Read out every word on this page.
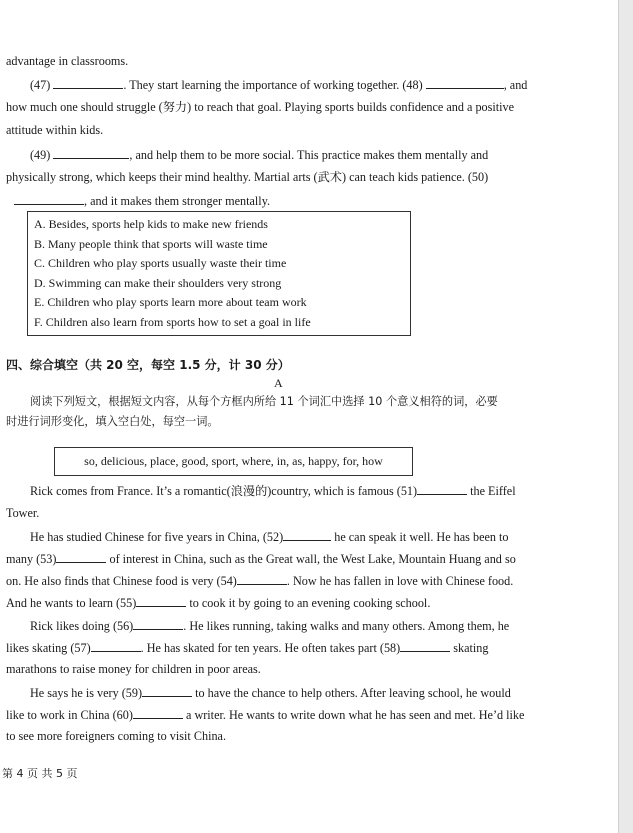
advantage in classrooms.
(47)	. They start learning the importance of working together. (48)	, and
how much one should struggle (努力) to reach that goal. Playing sports builds confidence and a positive
attitude within kids.
(49)	, and help them to be more social. This practice makes them mentally and
physically strong, which keeps their mind healthy. Martial arts (武术) can teach kids patience. (50)
, and it makes them stronger mentally.
A. Besides, sports help kids to make new friends
B. Many people think that sports will waste time
C. Children who play sports usually waste their time
D. Swimming can make their shoulders very strong
E. Children who play sports learn more about team work
F. Children also learn from sports how to set a goal in life
四、综合填空（共 20 空，每空 1.5 分，计 30 分）
A
阅读下列短文，根据短文内容，从每个方框内所给 11 个词汇中选择 10 个意义相符的词，必要
时进行词形变化，填入空白处，每空一词。
so, delicious, place, good, sport, where, in, as, happy, for, how
Rick comes from France. It’s a romantic(浪漫的)country, which is famous (51)	the Eiffel
Tower.
He has studied Chinese for five years in China, (52)	he can speak it well. He has been to
many (53)	of interest in China, such as the Great wall, the West Lake, Mountain Huang and so
on. He also finds that Chinese food is very (54)	. Now he has fallen in love with Chinese food.
And he wants to learn (55)	to cook it by going to an evening cooking school.
Rick likes doing (56)	. He likes running, taking walks and many others. Among them, he
likes skating (57)	. He has skated for ten years. He often takes part (58)	skating
marathons to raise money for children in poor areas.
He says he is very (59)	to have the chance to help others. After leaving school, he would
like to work in China (60)	a writer. He wants to write down what he has seen and met. He’d like
to see more foreigners coming to visit China.
第 4 页 共 5 页
